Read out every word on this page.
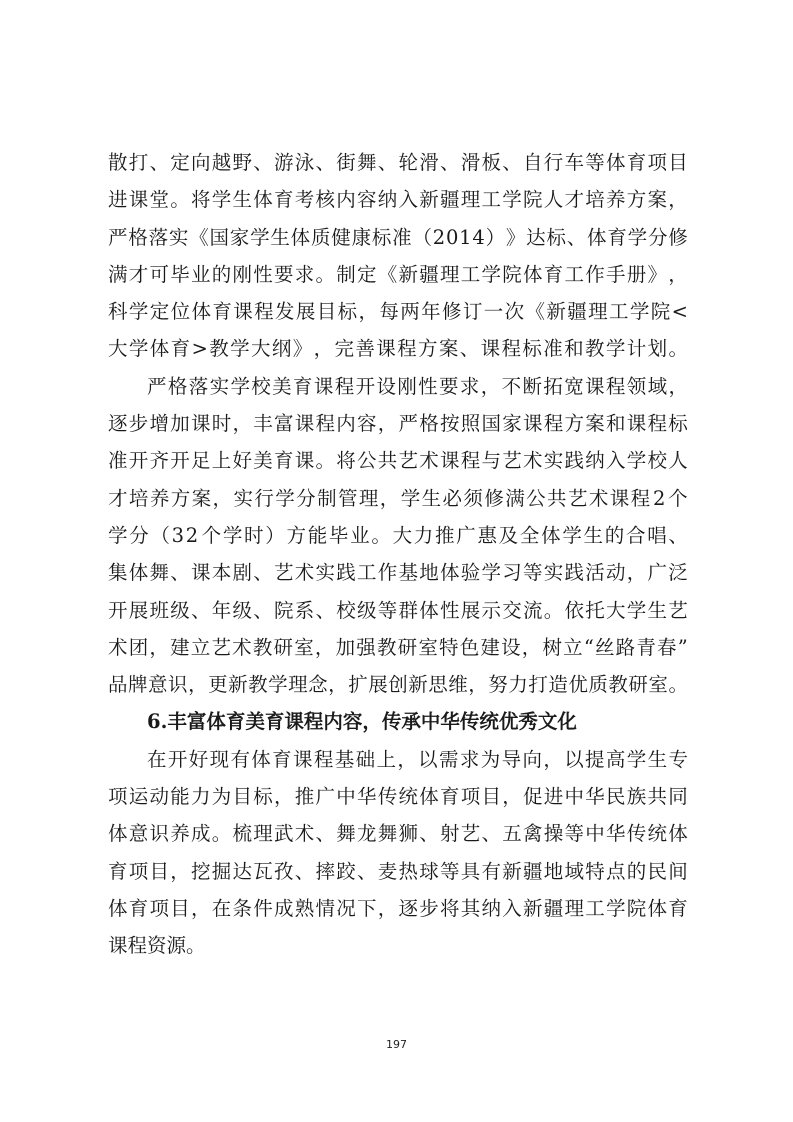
散 打 、 定 向 越 野 、 游 泳 、 街 舞 、 轮 滑 、 滑 板 、 自 行 车 等 体 育 项 目
进 课 堂 。 将 学 生 体 育 考 核 内 容 纳 入 新 疆 理 工 学 院 人 才 培 养 方 案 ，
严 格 落 实 《 国 家 学 生 体 质 健 康 标 准 （ 2 0 1 4 ） 》 达 标 、 体 育 学 分 修
满 才 可 毕 业 的 刚 性 要 求 。 制 定 《 新 疆 理 工 学 院 体 育 工 作 手 册 》 ，
科 学 定 位 体 育 课 程 发 展 目 标 ， 每 两 年 修 订 一 次 《 新 疆 理 工 学 院 <
大 学 体 育 > 教 学 大 纲 》 ， 完 善 课 程 方 案 、 课 程 标 准 和 教 学 计 划 。
严 格 落 实 学 校 美 育 课 程 开 设 刚 性 要 求 ， 不 断 拓 宽 课 程 领 域 ，
逐 步 增 加 课 时 ， 丰 富 课 程 内 容 ， 严 格 按 照 国 家 课 程 方 案 和 课 程 标
准 开 齐 开 足 上 好 美 育 课 。 将 公 共 艺 术 课 程 与 艺 术 实 践 纳 入 学 校 人
才 培 养 方 案 ， 实 行 学 分 制 管 理 ， 学 生 必 须 修 满 公 共 艺 术 课 程 2 个
学 分 （ 3 2 个 学 时 ） 方 能 毕 业 。 大 力 推 广 惠 及 全 体 学 生 的 合 唱 、
集 体 舞 、 课 本 剧 、 艺 术 实 践 工 作 基 地 体 验 学 习 等 实 践 活 动 ， 广 泛
开 展 班 级 、 年 级 、 院 系 、 校 级 等 群 体 性 展 示 交 流 。 依 托 大 学 生 艺
术 团 ， 建 立 艺 术 教 研 室 ， 加 强 教 研 室 特 色 建 设 ， 树 立 “ 丝 路 青 春 ”
品 牌 意 识 ， 更 新 教 学 理 念 ， 扩 展 创 新 思 维 ， 努 力 打 造 优 质 教 研 室 。
6.丰富体育美育课程内容，传承中华传统优秀文化
在 开 好 现 有 体 育 课 程 基 础 上 ， 以 需 求 为 导 向 ， 以 提 高 学 生 专
项 运 动 能 力 为 目 标 ， 推 广 中 华 传 统 体 育 项 目 ， 促 进 中 华 民 族 共 同
体 意 识 养 成 。 梳 理 武 术 、 舞 龙 舞 狮 、 射 艺 、 五 禽 操 等 中 华 传 统 体
育 项 目 ， 挖 掘 达 瓦 孜 、 摔 跤 、 麦 热 球 等 具 有 新 疆 地 域 特 点 的 民 间
体 育 项 目 ， 在 条 件 成 熟 情 况 下 ， 逐 步 将 其 纳 入 新 疆 理 工 学 院 体 育
课程资源。
197
